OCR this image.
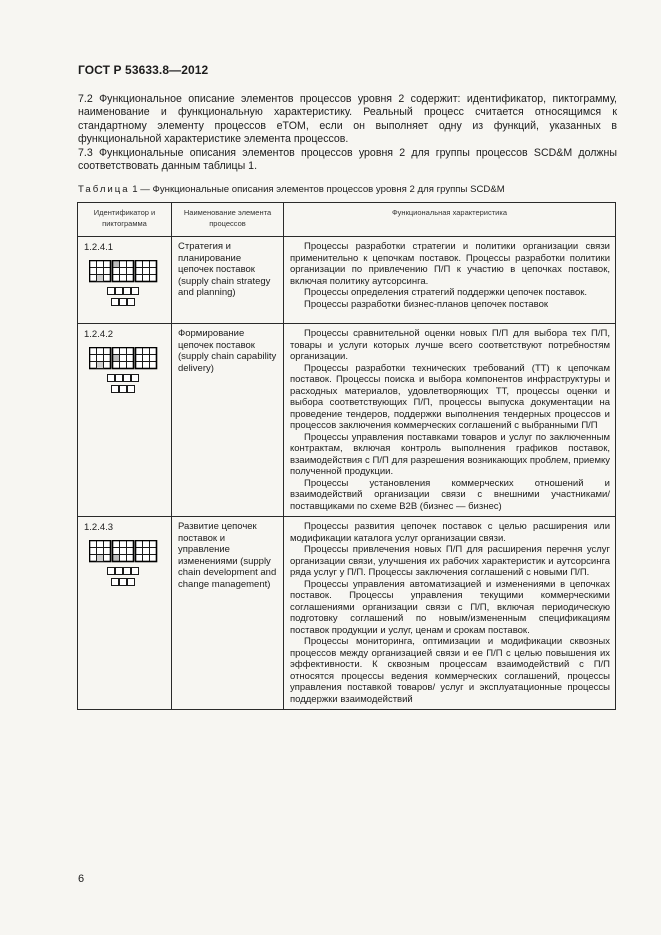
ГОСТ Р 53633.8—2012
7.2 Функциональное описание элементов процессов уровня 2 содержит: идентификатор, пиктограмму, наименование и функциональную характеристику. Реальный процесс считается относящимся к стандартному элементу процессов eTOM, если он выполняет одну из функций, указанных в функциональной характеристике элемента процессов.
7.3 Функциональные описания элементов процессов уровня 2 для группы процессов SCD&M должны соответствовать данным таблицы 1.
Таблица 1 — Функциональные описания элементов процессов уровня 2 для группы SCD&M
Идентификатор и пиктограмма	Наименование элемента процессов	Функциональная характеристика

1.2.4.1	Стратегия и планирование цепочек поставок (supply chain strategy and planning)	Процессы разработки стратегии и политики организации связи применительно к цепочкам поставок. Процессы разработки политики организации по привлечению П/П к участию в цепочках поставок, включая политику аутсорсинга.

Процессы определения стратегий поддержки цепочек поставок.

Процессы разработки бизнес-планов цепочек поставок

1.2.4.2	Формирование цепочек поставок (supply chain capability delivery)	Процессы сравнительной оценки новых П/П для выбора тех П/П, товары и услуги которых лучше всего соответствуют потребностям организации.

Процессы разработки технических требований (ТТ) к цепочкам поставок. Процессы поиска и выбора компонентов инфраструктуры и расходных материалов, удовлетворяющих ТТ, процессы оценки и выбора соответствующих П/П, процессы выпуска документации на проведение тендеров, поддержки выполнения тендерных процессов и процессов заключения коммерческих соглашений с выбранными П/П

Процессы управления поставками товаров и услуг по заключенным контрактам, включая контроль выполнения графиков поставок, взаимодействия с П/П для разрешения возникающих проблем, приемку полученной продукции.

Процессы установления коммерческих отношений и взаимодействий организации связи с внешними участниками/поставщиками по схеме B2B (бизнес — бизнес)

1.2.4.3	Развитие цепочек поставок и управление изменениями (supply chain development and change management)	Процессы развития цепочек поставок с целью расширения или модификации каталога услуг организации связи.

Процессы привлечения новых П/П для расширения перечня услуг организации связи, улучшения их рабочих характеристик и аутсорсинга ряда услуг у П/П. Процессы заключения соглашений с новыми П/П.

Процессы управления автоматизацией и изменениями в цепочках поставок. Процессы управления текущими коммерческими соглашениями организации связи с П/П, включая периодическую подготовку соглашений по новым/измененным спецификациям поставок продукции и услуг, ценам и срокам поставок.

Процессы мониторинга, оптимизации и модификации сквозных процессов между организацией связи и ее П/П с целью повышения их эффективности. К сквозным процессам взаимодействий с П/П относятся процессы ведения коммерческих соглашений, процессы управления поставкой товаров/ услуг и эксплуатационные процессы поддержки взаимодействий

6
